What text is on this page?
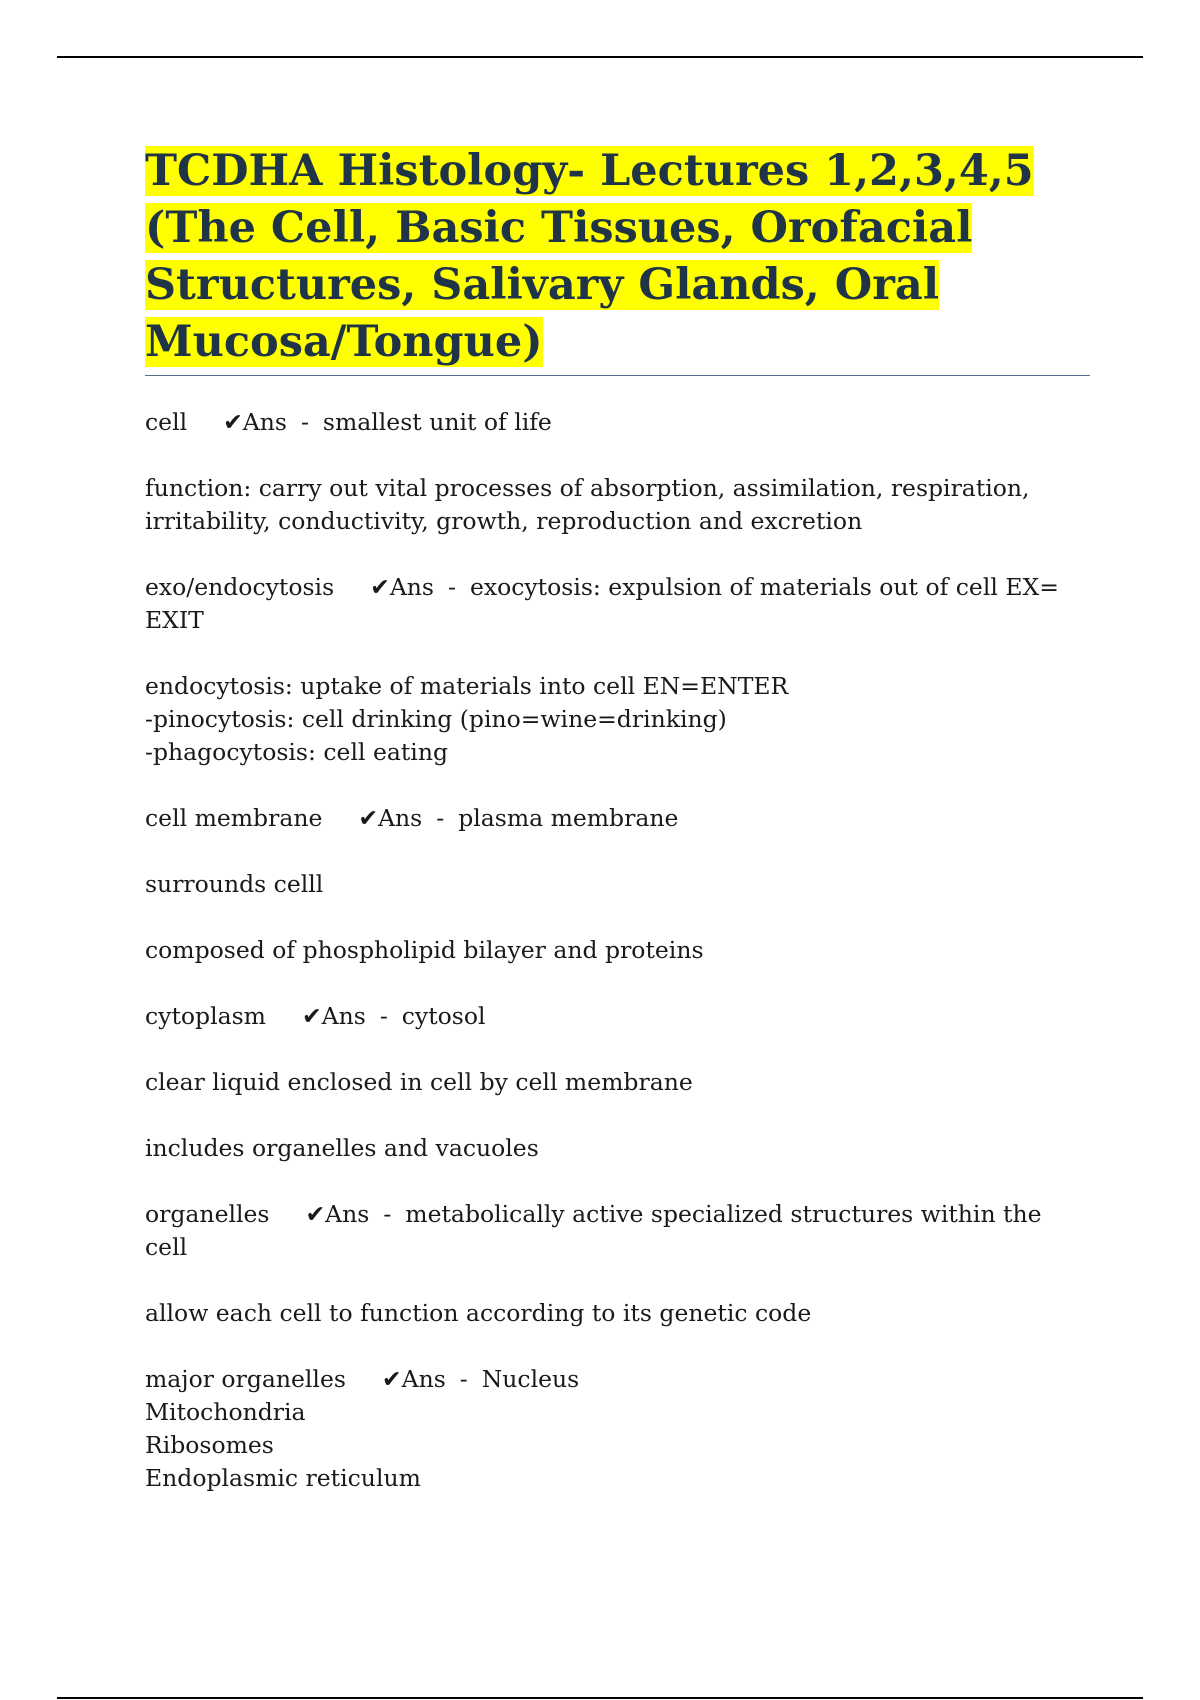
TCDHA Histology- Lectures 1,2,3,4,5 (The Cell, Basic Tissues, Orofacial Structures, Salivary Glands, Oral Mucosa/Tongue)
cell ✔Ans - smallest unit of life
function: carry out vital processes of absorption, assimilation, respiration, irritability, conductivity, growth, reproduction and excretion
exo/endocytosis ✔Ans - exocytosis: expulsion of materials out of cell EX= EXIT
endocytosis: uptake of materials into cell EN=ENTER
-pinocytosis: cell drinking (pino=wine=drinking)
-phagocytosis: cell eating
cell membrane ✔Ans - plasma membrane
surrounds celll
composed of phospholipid bilayer and proteins
cytoplasm ✔Ans - cytosol
clear liquid enclosed in cell by cell membrane
includes organelles and vacuoles
organelles ✔Ans - metabolically active specialized structures within the cell
allow each cell to function according to its genetic code
major organelles ✔Ans - Nucleus
Mitochondria
Ribosomes
Endoplasmic reticulum
